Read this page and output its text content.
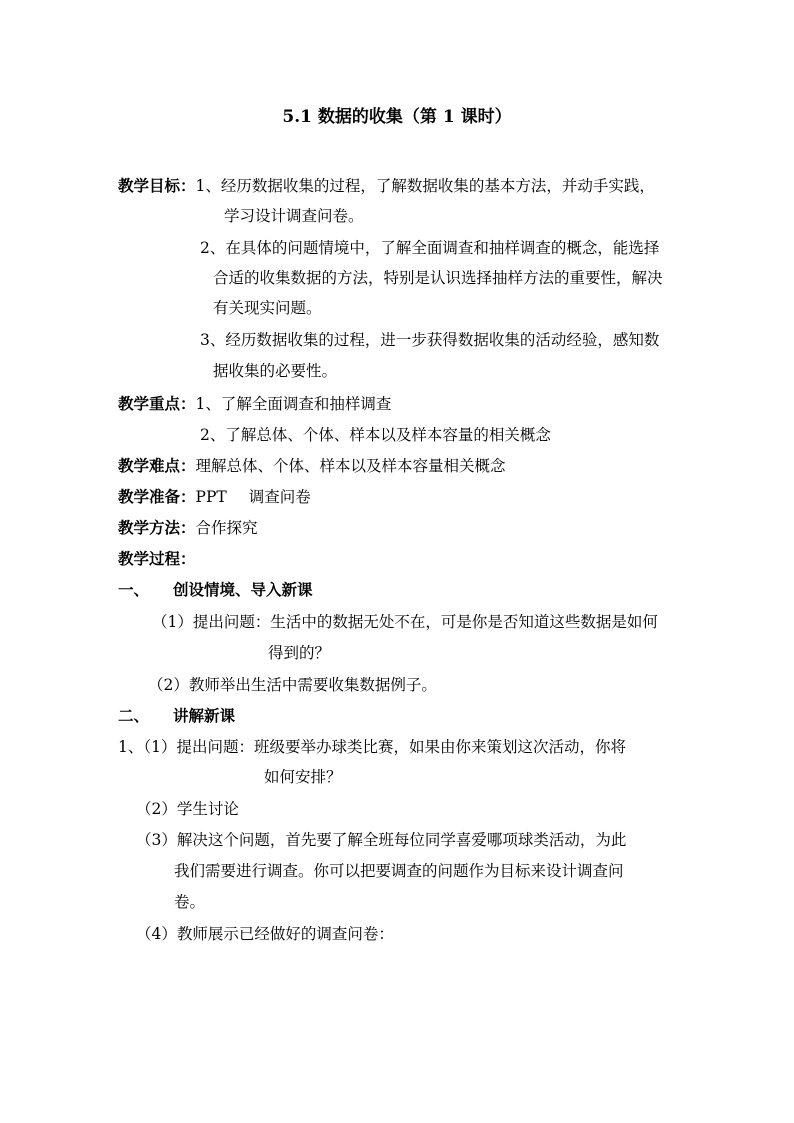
5.1 数据的收集（第 1 课时）
教学目标：1、经历数据收集的过程，了解数据收集的基本方法，并动手实践，
学习设计调查问卷。
2、在具体的问题情境中，了解全面调查和抽样调查的概念，能选择
合适的收集数据的方法，特别是认识选择抽样方法的重要性，解决
有关现实问题。
3、经历数据收集的过程，进一步获得数据收集的活动经验，感知数
据收集的必要性。
教学重点：1、了解全面调查和抽样调查
2、了解总体、个体、样本以及样本容量的相关概念
教学难点：理解总体、个体、样本以及样本容量相关概念
教学准备：PPT 调查问卷
教学方法：合作探究
教学过程：
一、 创设情境、导入新课
（1）提出问题：生活中的数据无处不在，可是你是否知道这些数据是如何
得到的？
（2）教师举出生活中需要收集数据例子。
二、 讲解新课
1、（1）提出问题：班级要举办球类比赛，如果由你来策划这次活动，你将
如何安排？
（2）学生讨论
（3）解决这个问题，首先要了解全班每位同学喜爱哪项球类活动，为此
我们需要进行调查。你可以把要调查的问题作为目标来设计调查问
卷。
（4）教师展示已经做好的调查问卷：
